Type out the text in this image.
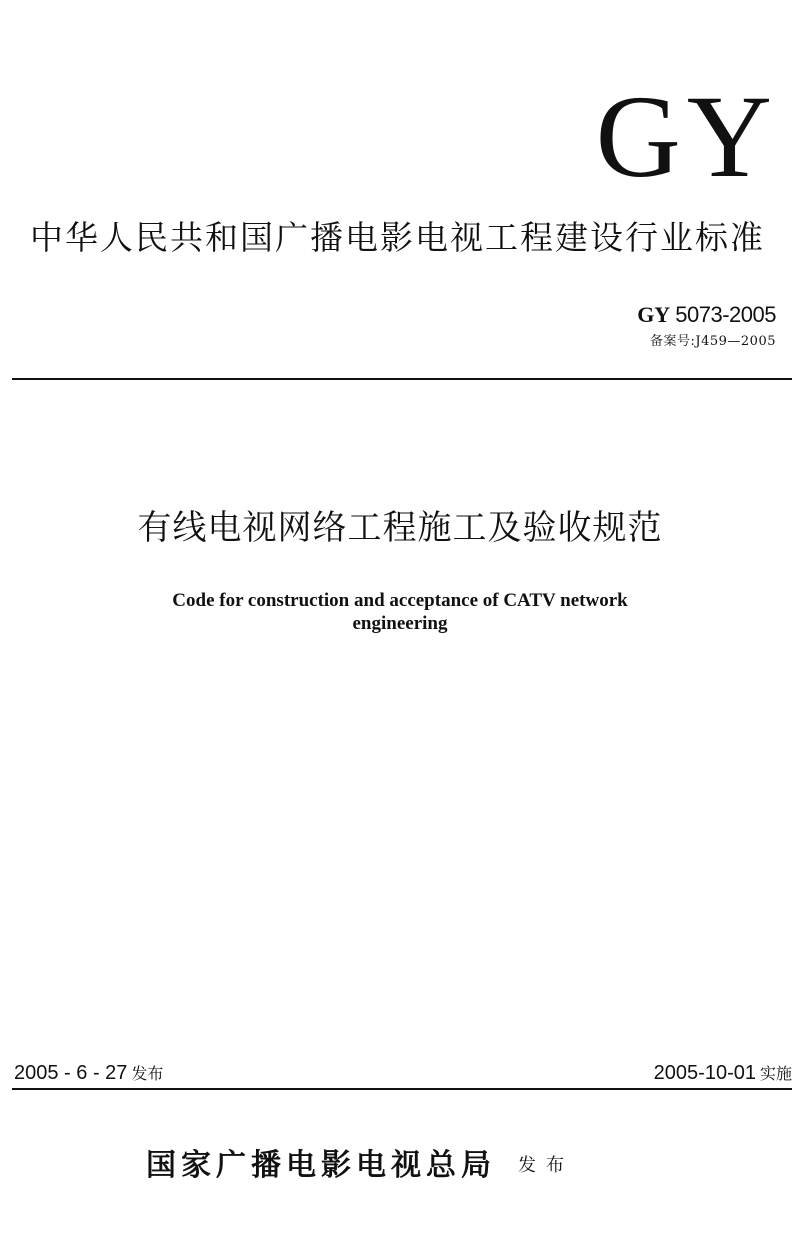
GY
中华人民共和国广播电影电视工程建设行业标准
GY 5073-2005
备案号:J459—2005
有线电视网络工程施工及验收规范
Code for construction and acceptance of CATV network
engineering
2005 - 6 - 27 发布	2005-10-01 实施
国家广播电影电视总局 发布
